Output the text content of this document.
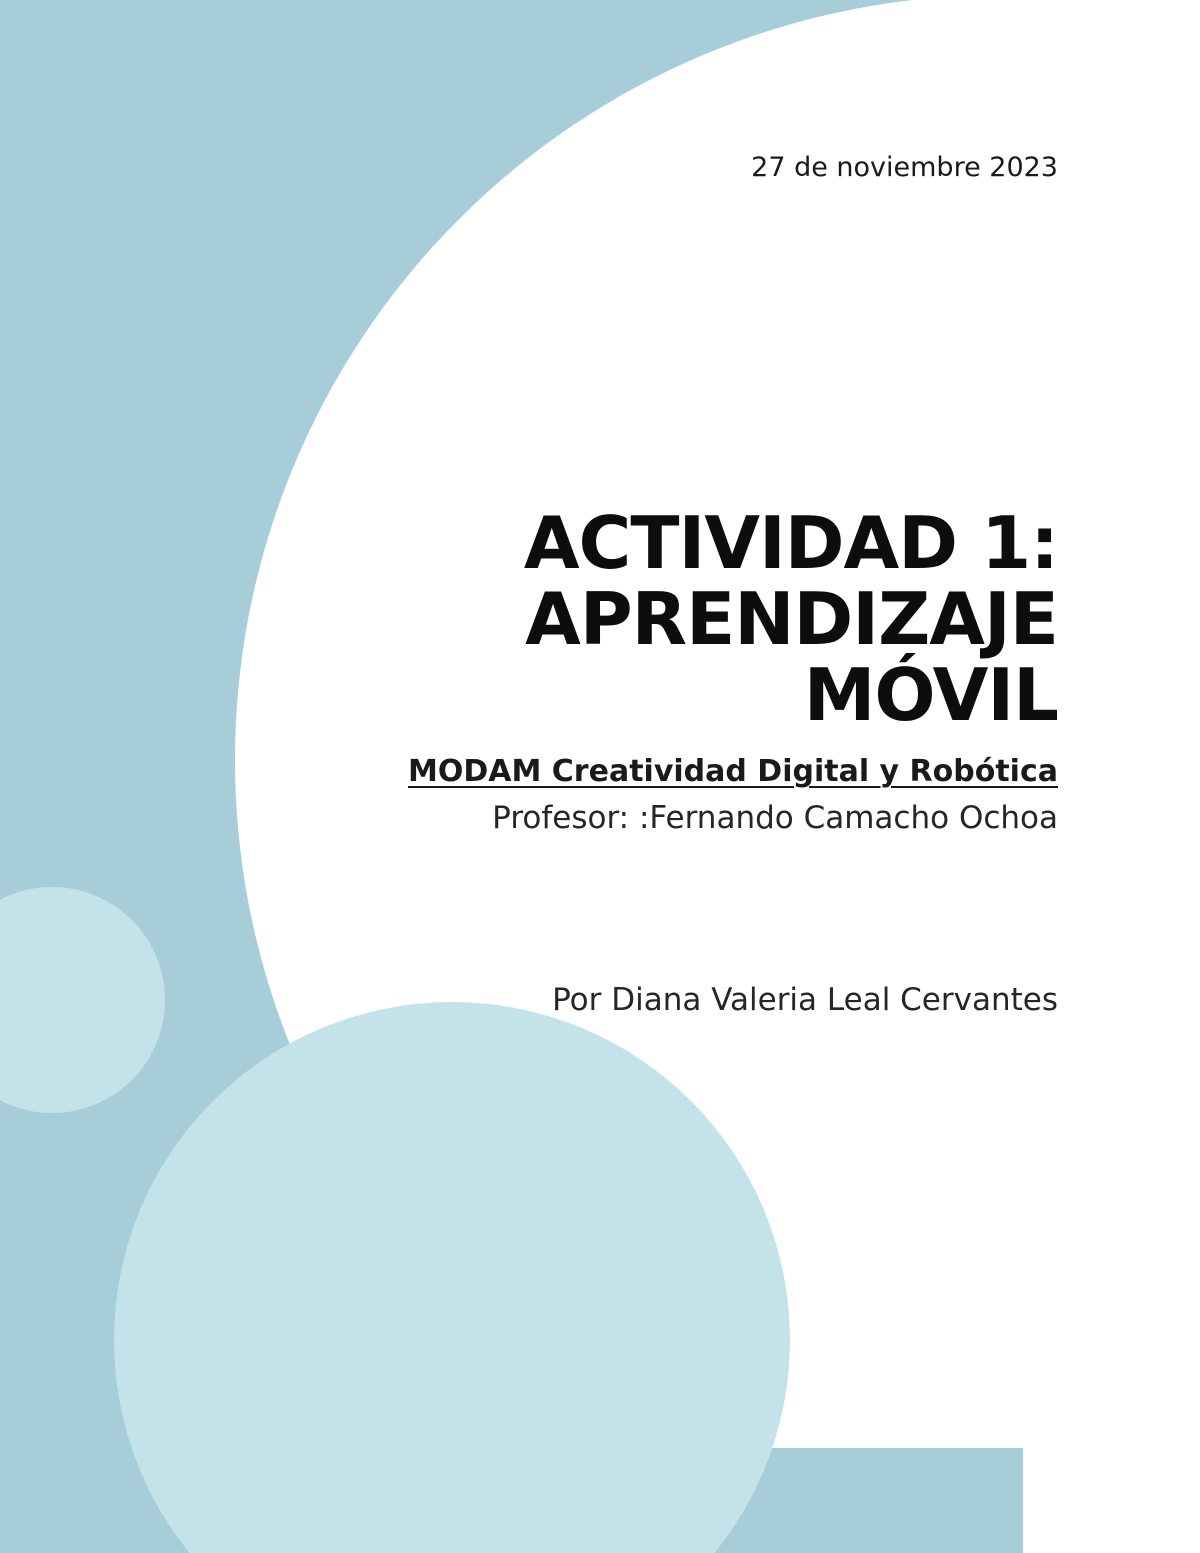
27 de noviembre 2023
ACTIVIDAD 1:
APRENDIZAJE
MÓVIL
MODAM Creatividad Digital y Robótica
Profesor: :Fernando Camacho Ochoa
Por Diana Valeria Leal Cervantes
